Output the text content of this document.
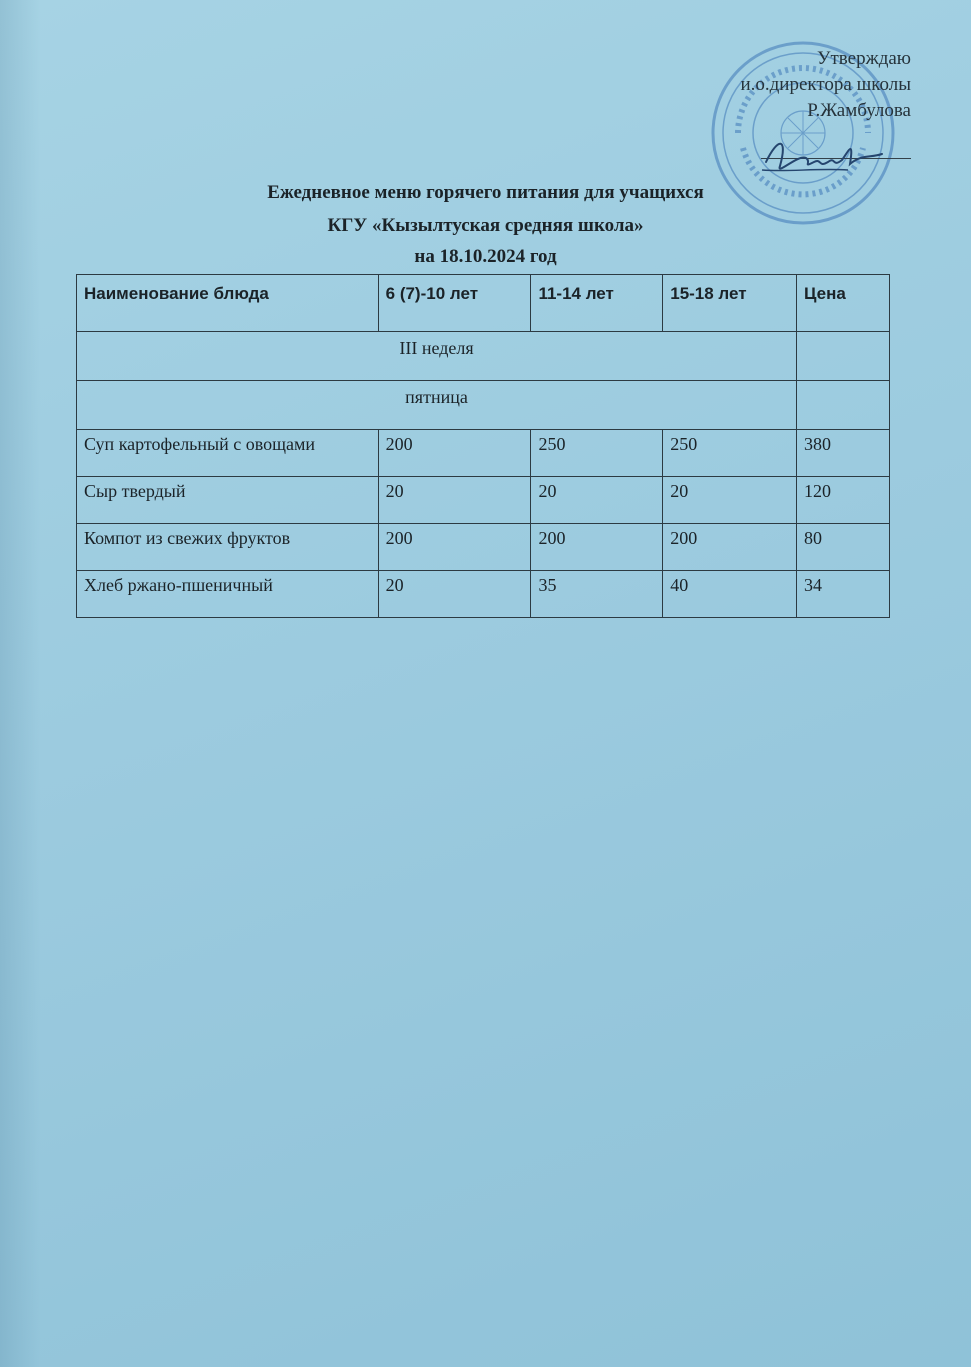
Утверждаю
и.о.директора школы
Р.Жамбулова
Ежедневное меню горячего питания для учащихся
КГУ «Кызылтуская средняя школа»
на 18.10.2024 год
Наименование блюда	6 (7)-10 лет	11-14 лет	15-18 лет	Цена
III неделя				
пятница				
Суп картофельный с овощами	200	250	250	380
Сыр твердый	20	20	20	120
Компот из свежих фруктов	200	200	200	80
Хлеб ржано-пшеничный	20	35	40	34
